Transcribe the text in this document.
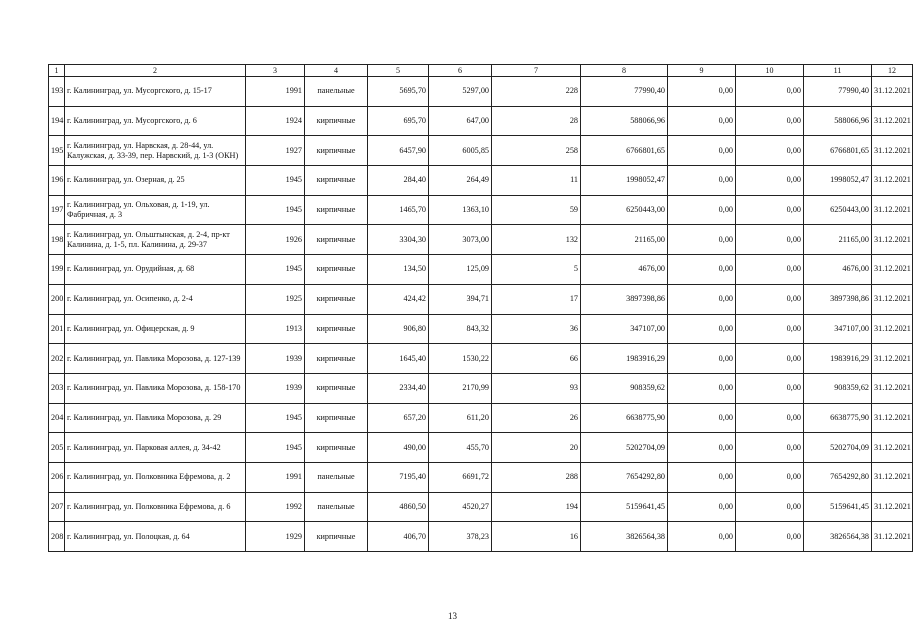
1	2	3	4	5	6	7	8	9	10	11	12
193	г. Калининград, ул. Мусоргского, д. 15-17	1991	панельные	5695,70	5297,00	228	77990,40	0,00	0,00	77990,40	31.12.2021
194	г. Калининград, ул. Мусоргского, д. 6	1924	кирпичные	695,70	647,00	28	588066,96	0,00	0,00	588066,96	31.12.2021
195	г. Калининград, ул. Нарвская, д. 28-44, ул. Калужская, д. 33-39, пер. Нарвский, д. 1-3 (ОКН)	1927	кирпичные	6457,90	6005,85	258	6766801,65	0,00	0,00	6766801,65	31.12.2021
196	г. Калининград, ул. Озерная, д. 25	1945	кирпичные	284,40	264,49	11	1998052,47	0,00	0,00	1998052,47	31.12.2021
197	г. Калининград, ул. Ольховая, д. 1-19, ул. Фабричная, д. 3	1945	кирпичные	1465,70	1363,10	59	6250443,00	0,00	0,00	6250443,00	31.12.2021
198	г. Калининград, ул. Ольштынская, д. 2-4, пр-кт Калинина, д. 1-5, пл. Калинина, д. 29-37	1926	кирпичные	3304,30	3073,00	132	21165,00	0,00	0,00	21165,00	31.12.2021
199	г. Калининград, ул. Орудийная, д. 68	1945	кирпичные	134,50	125,09	5	4676,00	0,00	0,00	4676,00	31.12.2021
200	г. Калининград, ул. Осипенко, д. 2-4	1925	кирпичные	424,42	394,71	17	3897398,86	0,00	0,00	3897398,86	31.12.2021
201	г. Калининград, ул. Офицерская, д. 9	1913	кирпичные	906,80	843,32	36	347107,00	0,00	0,00	347107,00	31.12.2021
202	г. Калининград, ул. Павлика Морозова, д. 127-139	1939	кирпичные	1645,40	1530,22	66	1983916,29	0,00	0,00	1983916,29	31.12.2021
203	г. Калининград, ул. Павлика Морозова, д. 158-170	1939	кирпичные	2334,40	2170,99	93	908359,62	0,00	0,00	908359,62	31.12.2021
204	г. Калининград, ул. Павлика Морозова, д. 29	1945	кирпичные	657,20	611,20	26	6638775,90	0,00	0,00	6638775,90	31.12.2021
205	г. Калининград, ул. Парковая аллея, д. 34-42	1945	кирпичные	490,00	455,70	20	5202704,09	0,00	0,00	5202704,09	31.12.2021
206	г. Калининград, ул. Полковника Ефремова, д. 2	1991	панельные	7195,40	6691,72	288	7654292,80	0,00	0,00	7654292,80	31.12.2021
207	г. Калининград, ул. Полковника Ефремова, д. 6	1992	панельные	4860,50	4520,27	194	5159641,45	0,00	0,00	5159641,45	31.12.2021
208	г. Калининград, ул. Полоцкая, д. 64	1929	кирпичные	406,70	378,23	16	3826564,38	0,00	0,00	3826564,38	31.12.2021
13
